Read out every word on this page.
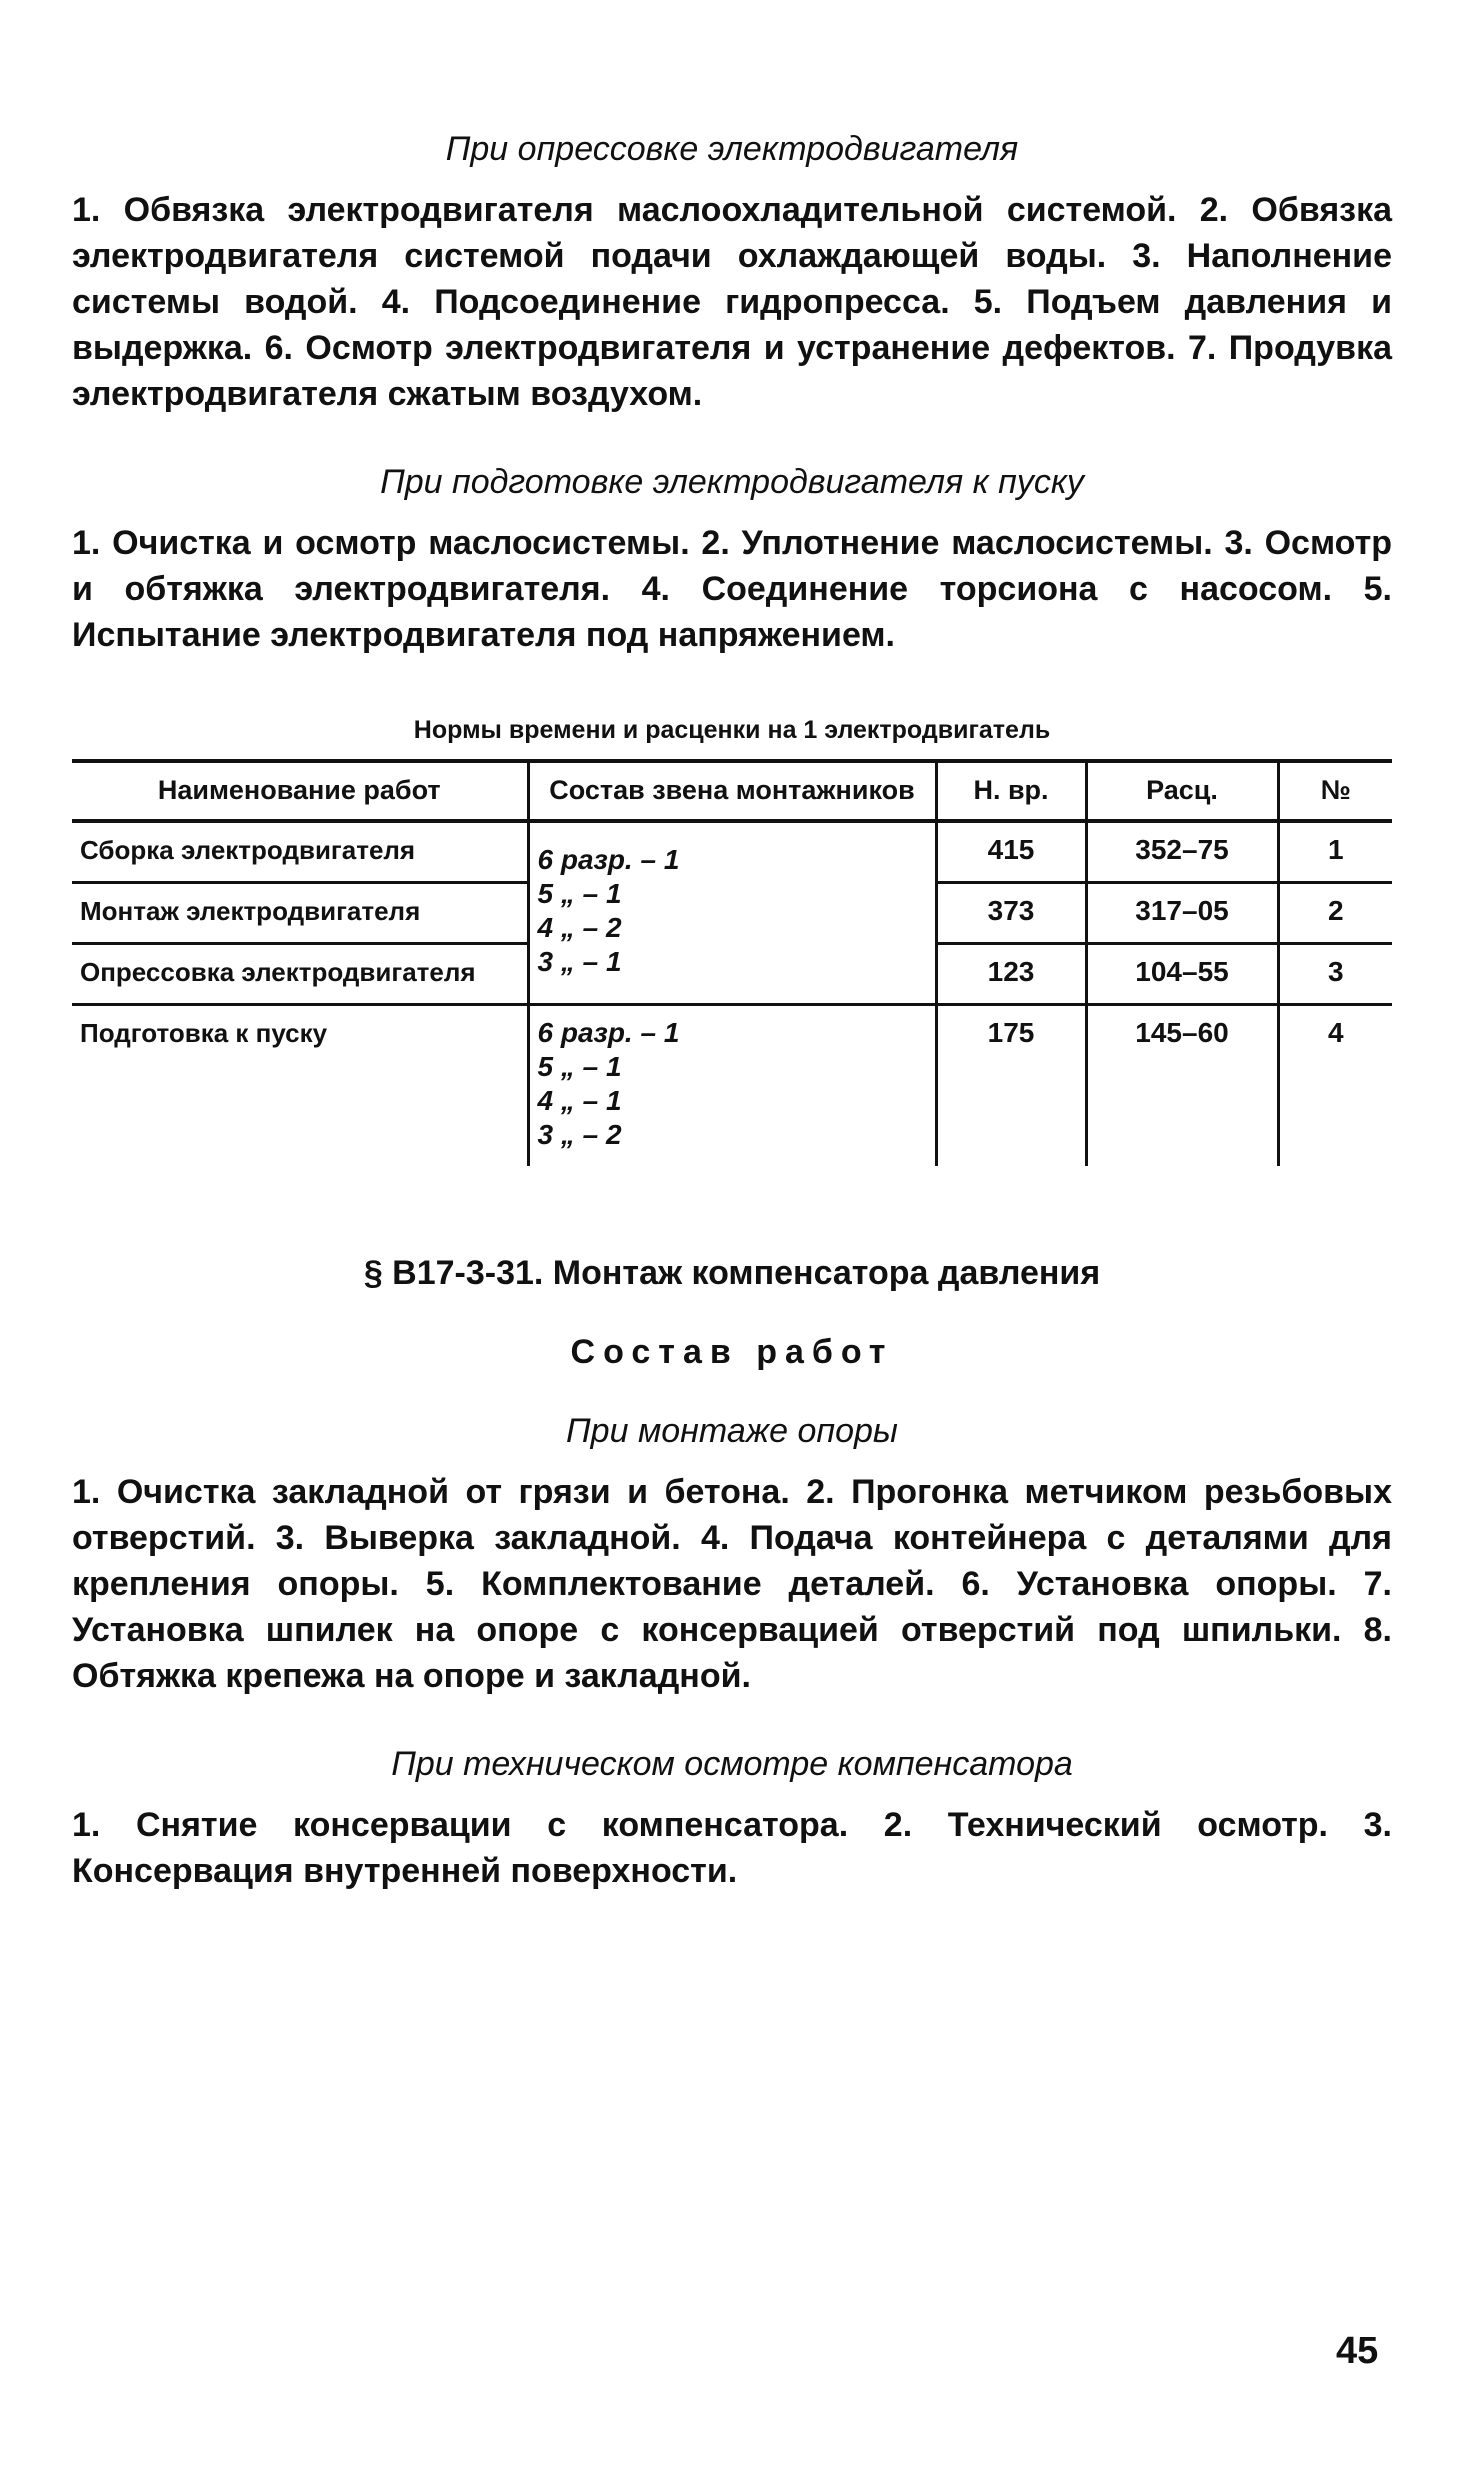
При опрессовке электродвигателя

1. Обвязка электродвигателя маслоохладительной системой. 2. Обвязка электродвигателя системой подачи охлаждающей воды. 3. Наполнение системы водой. 4. Подсоединение гидропресса. 5. Подъем давления и выдержка. 6. Осмотр электродвигателя и устранение дефектов. 7. Продувка электродвигателя сжатым воздухом.

При подготовке электродвигателя к пуску

1. Очистка и осмотр маслосистемы. 2. Уплотнение маслосистемы. 3. Осмотр и обтяжка электродвигателя. 4. Соединение торсиона с насосом. 5. Испытание электродвигателя под напряжением.

Нормы времени и расценки на 1 электродвигатель
Наименование работ	Состав звена монтажников	Н. вр.	Расц.	№
Сборка электродвигателя	6 разр. – 1
5 „ – 1
4 „ – 2
3 „ – 1	415	352–75	1
Монтаж электродвигателя		373	317–05	2
Опрессовка электродвигателя		123	104–55	3
Подготовка к пуску	6 разр. – 1
5 „ – 1
4 „ – 1
3 „ – 2	175	145–60	4
§ В17-3-31. Монтаж компенсатора давления
Состав работ
При монтаже опоры

1. Очистка закладной от грязи и бетона. 2. Прогонка метчиком резьбовых отверстий. 3. Выверка закладной. 4. Подача контейнера с деталями для крепления опоры. 5. Комплектование деталей. 6. Установка опоры. 7. Установка шпилек на опоре с консервацией отверстий под шпильки. 8. Обтяжка крепежа на опоре и закладной.

При техническом осмотре компенсатора

1. Снятие консервации с компенсатора. 2. Технический осмотр. 3. Консервация внутренней поверхности.

45
